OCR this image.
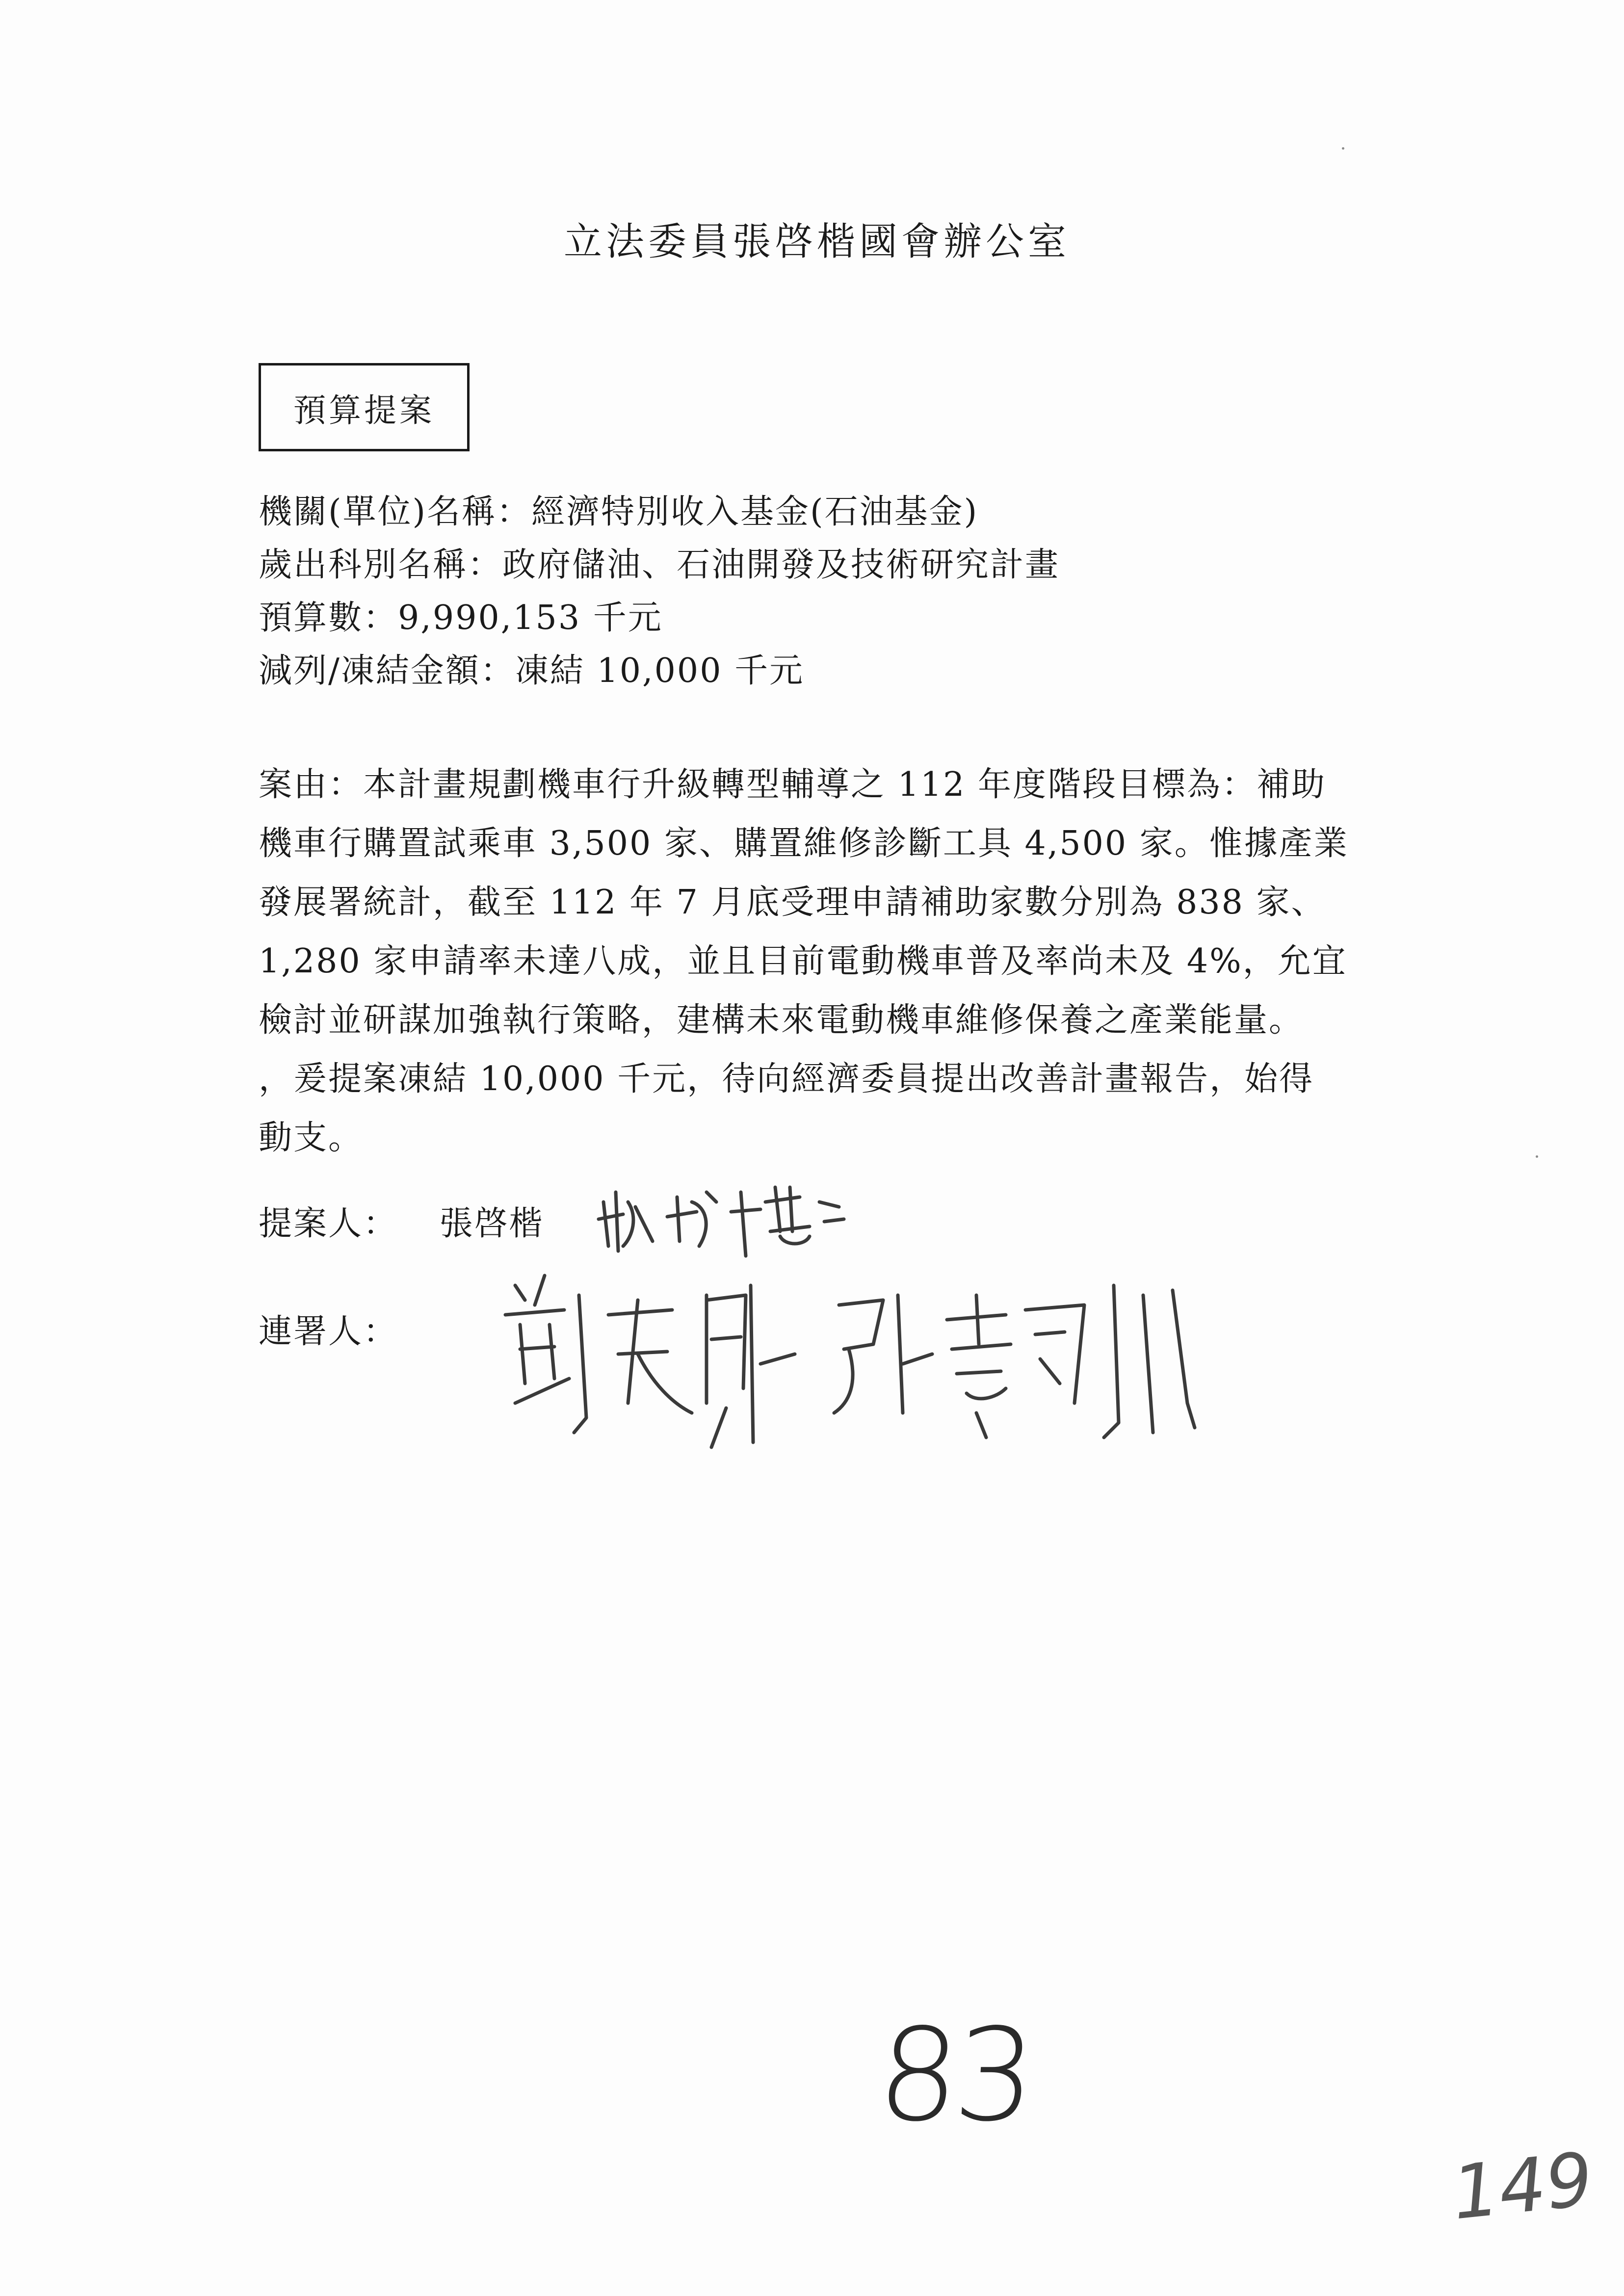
立法委員張啓楷國會辦公室
預算提案
機關(單位)名稱：經濟特別收入基金(石油基金)
歲出科別名稱：政府儲油、石油開發及技術研究計畫
預算數：9,990,153 千元
減列/凍結金額：凍結 10,000 千元
案由：本計畫規劃機車行升級轉型輔導之 112 年度階段目標為：補助
機車行購置試乘車 3,500 家、購置維修診斷工具 4,500 家。惟據產業
發展署統計，截至 112 年 7 月底受理申請補助家數分別為 838 家、
1,280 家申請率未達八成，並且目前電動機車普及率尚未及 4%，允宜
檢討並研謀加強執行策略，建構未來電動機車維修保養之產業能量。
，爰提案凍結 10,000 千元，待向經濟委員提出改善計畫報告，始得
動支。
提案人： 張啓楷
連署人：
83
149
